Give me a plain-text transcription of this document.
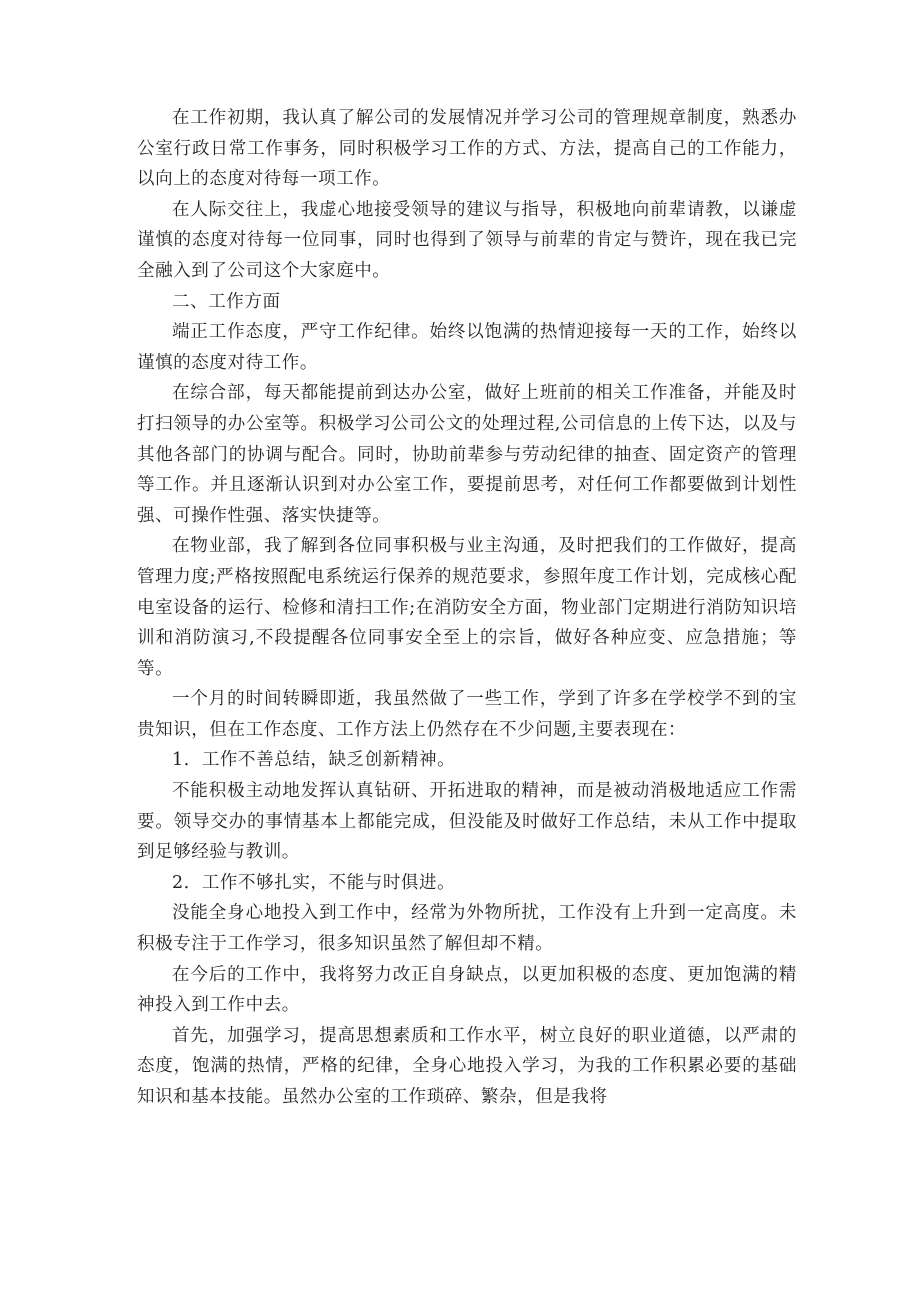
在工作初期，我认真了解公司的发展情况并学习公司的管理规章制度，熟悉办公室行政日常工作事务，同时积极学习工作的方式、方法，提高自己的工作能力，以向上的态度对待每一项工作。

在人际交往上，我虚心地接受领导的建议与指导，积极地向前辈请教，以谦虚谨慎的态度对待每一位同事，同时也得到了领导与前辈的肯定与赞许，现在我已完全融入到了公司这个大家庭中。

二、工作方面

端正工作态度，严守工作纪律。始终以饱满的热情迎接每一天的工作，始终以谨慎的态度对待工作。

在综合部，每天都能提前到达办公室，做好上班前的相关工作准备，并能及时打扫领导的办公室等。积极学习公司公文的处理过程,公司信息的上传下达，以及与其他各部门的协调与配合。同时，协助前辈参与劳动纪律的抽查、固定资产的管理等工作。并且逐渐认识到对办公室工作，要提前思考，对任何工作都要做到计划性强、可操作性强、落实快捷等。

在物业部，我了解到各位同事积极与业主沟通，及时把我们的工作做好，提高管理力度;严格按照配电系统运行保养的规范要求，参照年度工作计划，完成核心配电室设备的运行、检修和清扫工作;在消防安全方面，物业部门定期进行消防知识培训和消防演习,不段提醒各位同事安全至上的宗旨，做好各种应变、应急措施；等等。

一个月的时间转瞬即逝，我虽然做了一些工作，学到了许多在学校学不到的宝贵知识，但在工作态度、工作方法上仍然存在不少问题,主要表现在：

1．工作不善总结，缺乏创新精神。

不能积极主动地发挥认真钻研、开拓进取的精神，而是被动消极地适应工作需要。领导交办的事情基本上都能完成，但没能及时做好工作总结，未从工作中提取到足够经验与教训。

2．工作不够扎实，不能与时俱进。

没能全身心地投入到工作中，经常为外物所扰，工作没有上升到一定高度。未积极专注于工作学习，很多知识虽然了解但却不精。

在今后的工作中，我将努力改正自身缺点，以更加积极的态度、更加饱满的精神投入到工作中去。

首先，加强学习，提高思想素质和工作水平，树立良好的职业道德，以严肃的态度，饱满的热情，严格的纪律，全身心地投入学习，为我的工作积累必要的基础知识和基本技能。虽然办公室的工作琐碎、繁杂，但是我将
